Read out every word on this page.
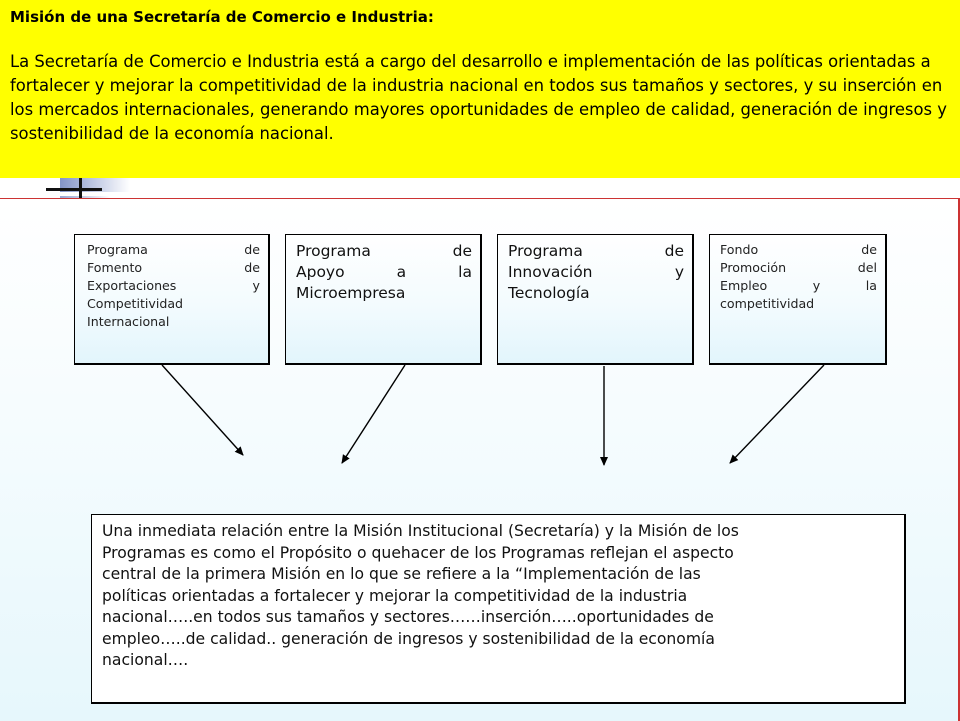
Misión de una Secretaría de Comercio e Industria:
La Secretaría de Comercio e Industria está a cargo del desarrollo e implementación de las políticas orientadas a fortalecer y mejorar la competitividad de la industria nacional en todos sus tamaños y sectores, y su inserción en los mercados internacionales, generando mayores oportunidades de empleo de calidad, generación de ingresos y sostenibilidad de la economía nacional.
Programa de
Fomento de
Exportaciones y
Competitividad
Internacional
Programa de
Apoyo a la
Microempresa
Programa de
Innovación y
Tecnología
Fondo de
Promoción del
Empleo y la
competitividad
Una inmediata relación entre la Misión Institucional (Secretaría) y la Misión de los
Programas es como el Propósito o quehacer de los Programas reflejan el aspecto
central de la primera Misión en lo que se refiere a la “Implementación de las
políticas orientadas a fortalecer y mejorar la competitividad de la industria
nacional…..en todos sus tamaños y sectores……inserción…..oportunidades de
empleo…..de calidad.. generación de ingresos y sostenibilidad de la economía
nacional….
